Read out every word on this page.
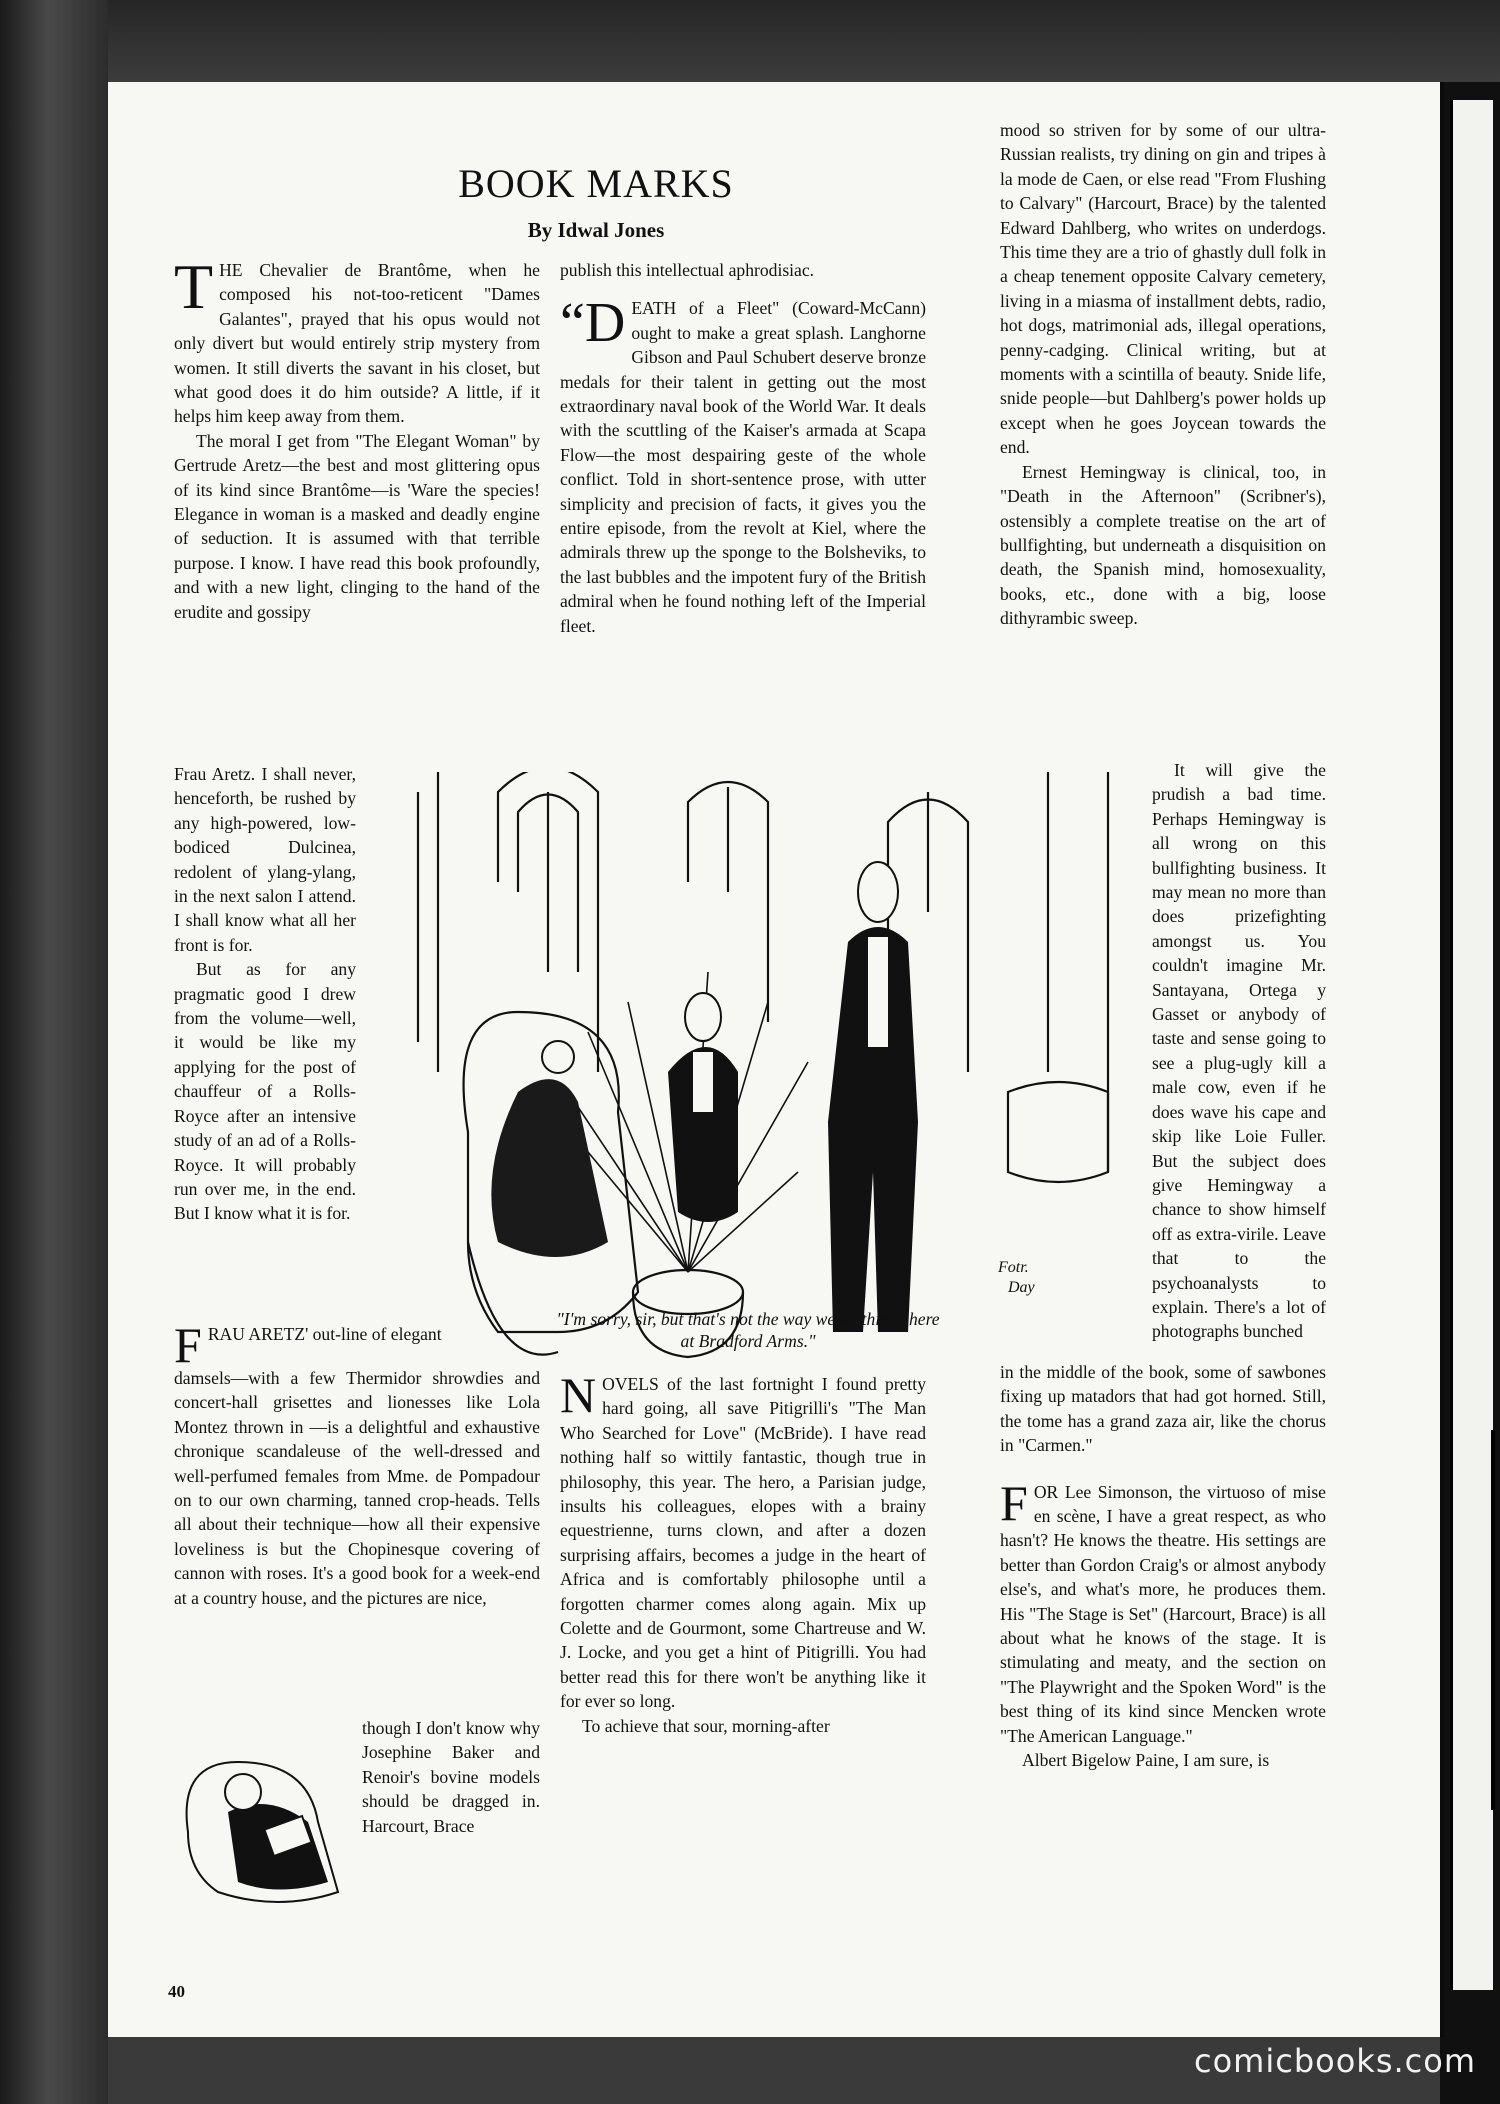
BOOK MARKS
By Idwal Jones

THE Chevalier de Brantôme, when he composed his not-too-reticent "Dames Galantes", prayed that his opus would not only divert but would entirely strip mystery from women. It still diverts the savant in his closet, but what good does it do him outside? A little, if it helps him keep away from them.

The moral I get from "The Elegant Woman" by Gertrude Aretz—the best and most glittering opus of its kind since Brantôme—is 'Ware the species! Elegance in woman is a masked and deadly engine of seduction. It is assumed with that terrible purpose. I know. I have read this book profoundly, and with a new light, clinging to the hand of the erudite and gossipy

Frau Aretz. I shall never, henceforth, be rushed by any high-powered, low-bodiced Dulcinea, redolent of ylang-ylang, in the next salon I attend. I shall know what all her front is for.

But as for any pragmatic good I drew from the volume—well, it would be like my applying for the post of chauffeur of a Rolls-Royce after an intensive study of an ad of a Rolls-Royce. It will probably run over me, in the end. But I know what it is for.

FRAU ARETZ' out-line of elegant

damsels—with a few Thermidor shrowdies and concert-hall grisettes and lionesses like Lola Montez thrown in —is a delightful and exhaustive chronique scandaleuse of the well-dressed and well-perfumed females from Mme. de Pompadour on to our own charming, tanned crop-heads. Tells all about their technique—how all their expensive loveliness is but the Chopinesque covering of cannon with roses. It's a good book for a week-end at a country house, and the pictures are nice,

though I don't know why Josephine Baker and Renoir's bovine models should be dragged in. Harcourt, Brace

publish this intellectual aphrodisiac.

“D EATH of a Fleet" (Coward-McCann) ought to make a great splash. Langhorne Gibson and Paul Schubert deserve bronze medals for their talent in getting out the most extraordinary naval book of the World War. It deals with the scuttling of the Kaiser's armada at Scapa Flow—the most despairing geste of the whole conflict. Told in short-sentence prose, with utter simplicity and precision of facts, it gives you the entire episode, from the revolt at Kiel, where the admirals threw up the sponge to the Bolsheviks, to the last bubbles and the impotent fury of the British admiral when he found nothing left of the Imperial fleet.

NOVELS of the last fortnight I found pretty hard going, all save Pitigrilli's "The Man Who Searched for Love" (McBride). I have read nothing half so wittily fantastic, though true in philosophy, this year. The hero, a Parisian judge, insults his colleagues, elopes with a brainy equestrienne, turns clown, and after a dozen surprising affairs, becomes a judge in the heart of Africa and is comfortably philosophe until a forgotten charmer comes along again. Mix up Colette and de Gourmont, some Chartreuse and W. J. Locke, and you get a hint of Pitigrilli. You had better read this for there won't be anything like it for ever so long.

To achieve that sour, morning-after

mood so striven for by some of our ultra-Russian realists, try dining on gin and tripes à la mode de Caen, or else read "From Flushing to Calvary" (Harcourt, Brace) by the talented Edward Dahlberg, who writes on underdogs. This time they are a trio of ghastly dull folk in a cheap tenement opposite Calvary cemetery, living in a miasma of installment debts, radio, hot dogs, matrimonial ads, illegal operations, penny-cadging. Clinical writing, but at moments with a scintilla of beauty. Snide life, snide people—but Dahlberg's power holds up except when he goes Joycean towards the end.

Ernest Hemingway is clinical, too, in "Death in the Afternoon" (Scribner's), ostensibly a complete treatise on the art of bullfighting, but underneath a disquisition on death, the Spanish mind, homosexuality, books, etc., done with a big, loose dithyrambic sweep.

It will give the prudish a bad time. Perhaps Hemingway is all wrong on this bullfighting business. It may mean no more than does prizefighting amongst us. You couldn't imagine Mr. Santayana, Ortega y Gasset or anybody of taste and sense going to see a plug-ugly kill a male cow, even if he does wave his cape and skip like Loie Fuller. But the subject does give Hemingway a chance to show himself off as extra-virile. Leave that to the psychoanalysts to explain. There's a lot of photographs bunched

in the middle of the book, some of sawbones fixing up matadors that had got horned. Still, the tome has a grand zaza air, like the chorus in "Carmen."

FOR Lee Simonson, the virtuoso of mise en scène, I have a great respect, as who hasn't? He knows the theatre. His settings are better than Gordon Craig's or almost anybody else's, and what's more, he produces them. His "The Stage is Set" (Harcourt, Brace) is all about what he knows of the stage. It is stimulating and meaty, and the section on "The Playwright and the Spoken Word" is the best thing of its kind since Mencken wrote "The American Language."

Albert Bigelow Paine, I am sure, is

Fotr.
Day
"I'm sorry, sir, but that's not the way we do things here
at Bradford Arms."
40
comicbooks.com
